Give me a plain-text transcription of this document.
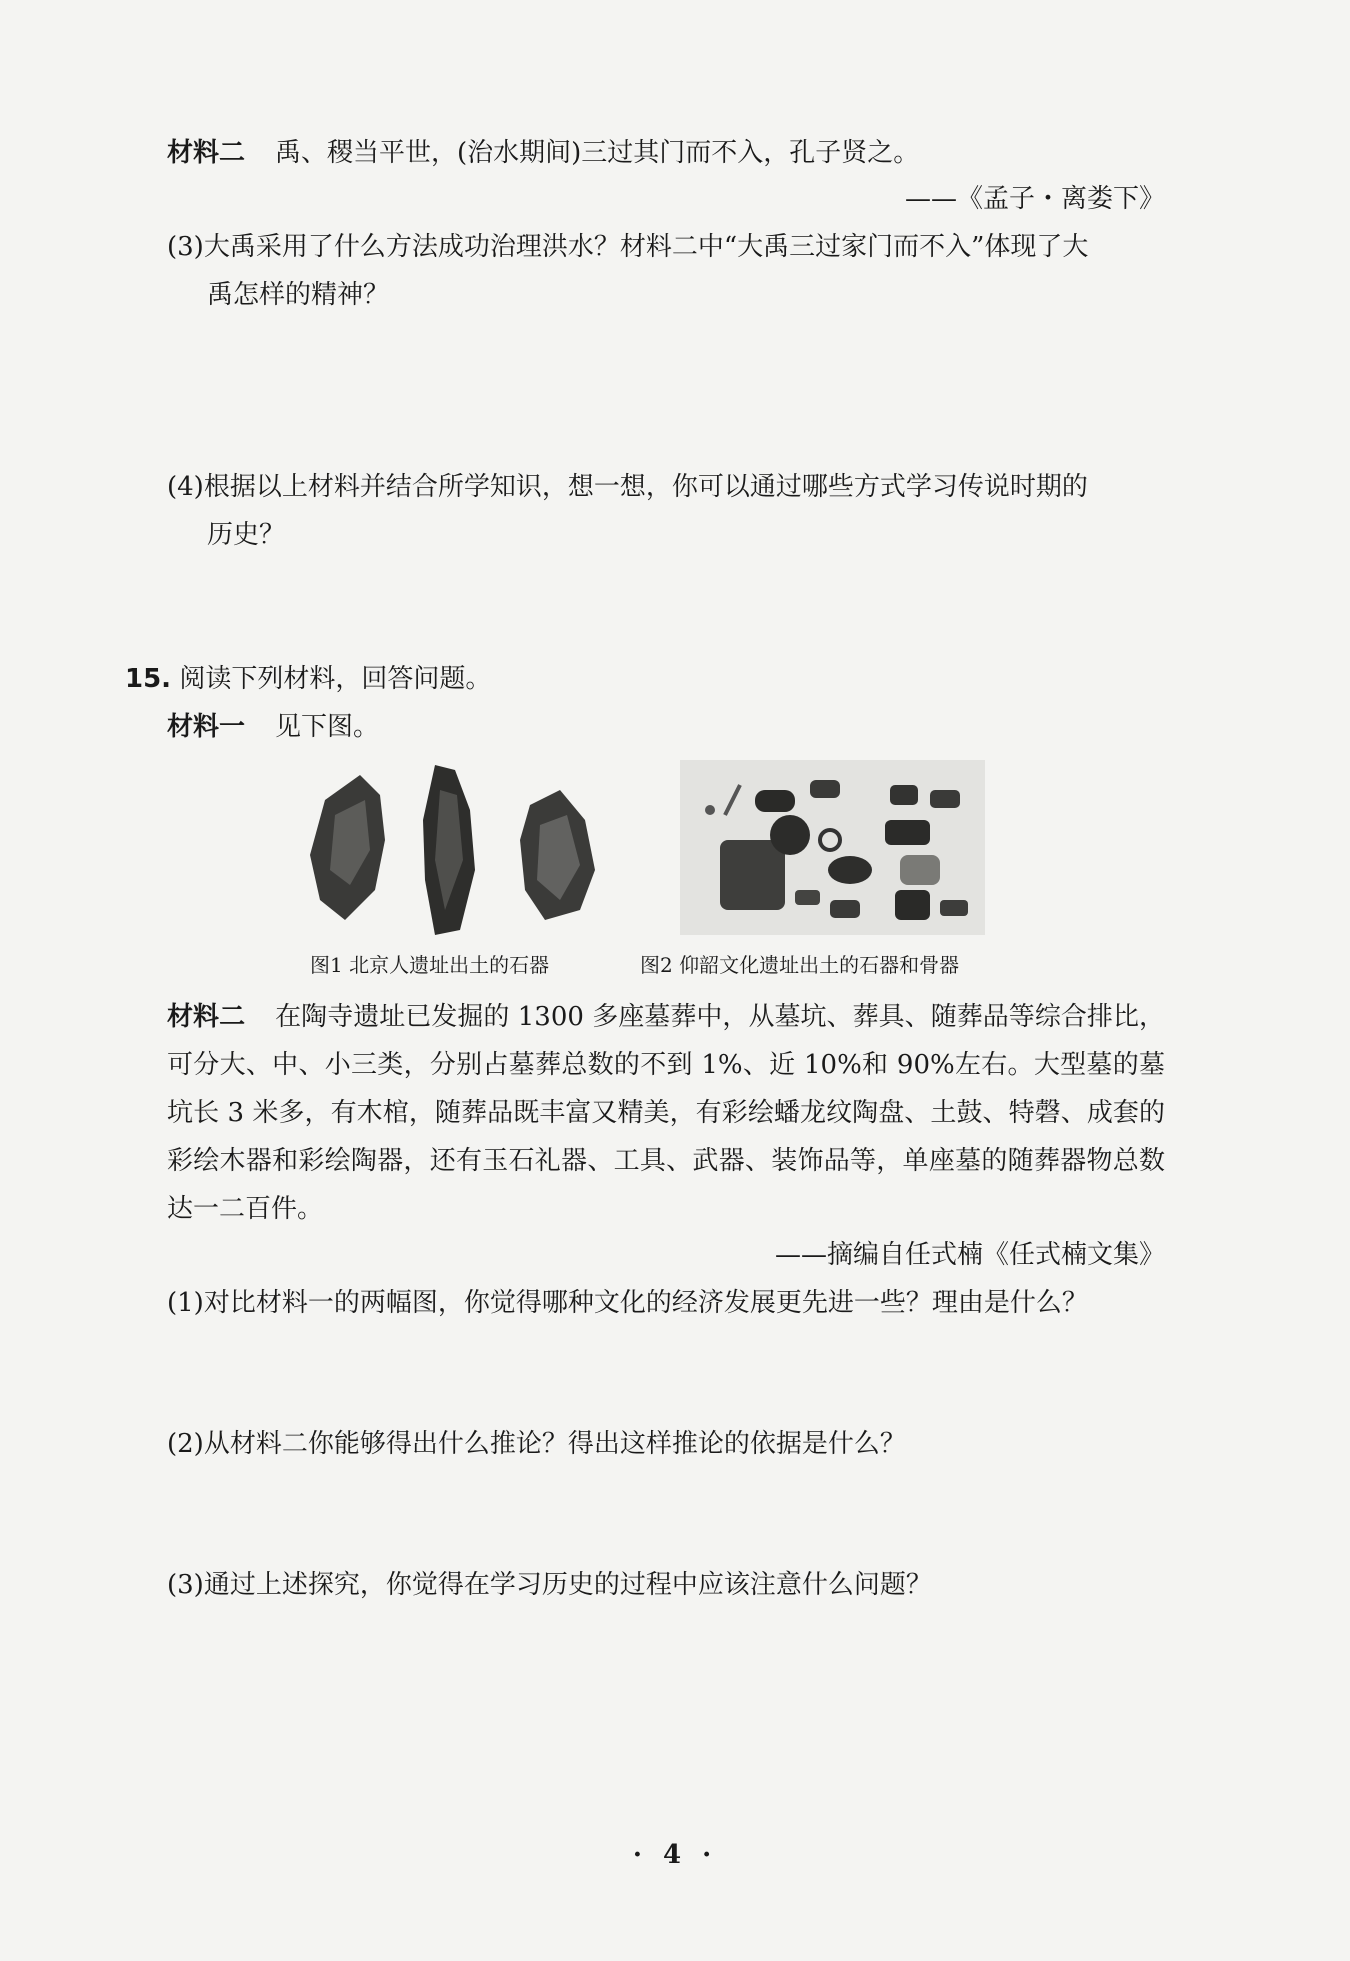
材料二 禹、稷当平世，(治水期间)三过其门而不入，孔子贤之。
——《孟子・离娄下》
(3)大禹采用了什么方法成功治理洪水？材料二中“大禹三过家门而不入”体现了大
禹怎样的精神？
(4)根据以上材料并结合所学知识，想一想，你可以通过哪些方式学习传说时期的
历史？
15. 阅读下列材料，回答问题。
材料一 见下图。
图1 北京人遗址出土的石器	图2 仰韶文化遗址出土的石器和骨器
材料二 在陶寺遗址已发掘的 1300 多座墓葬中，从墓坑、葬具、随葬品等综合排比，
可分大、中、小三类，分别占墓葬总数的不到 1%、近 10%和 90%左右。大型墓的墓
坑长 3 米多，有木棺，随葬品既丰富又精美，有彩绘蟠龙纹陶盘、土鼓、特磬、成套的
彩绘木器和彩绘陶器，还有玉石礼器、工具、武器、装饰品等，单座墓的随葬器物总数
达一二百件。
——摘编自任式楠《任式楠文集》
(1)对比材料一的两幅图，你觉得哪种文化的经济发展更先进一些？理由是什么？
(2)从材料二你能够得出什么推论？得出这样推论的依据是什么？
(3)通过上述探究，你觉得在学习历史的过程中应该注意什么问题？
· 4 ·
